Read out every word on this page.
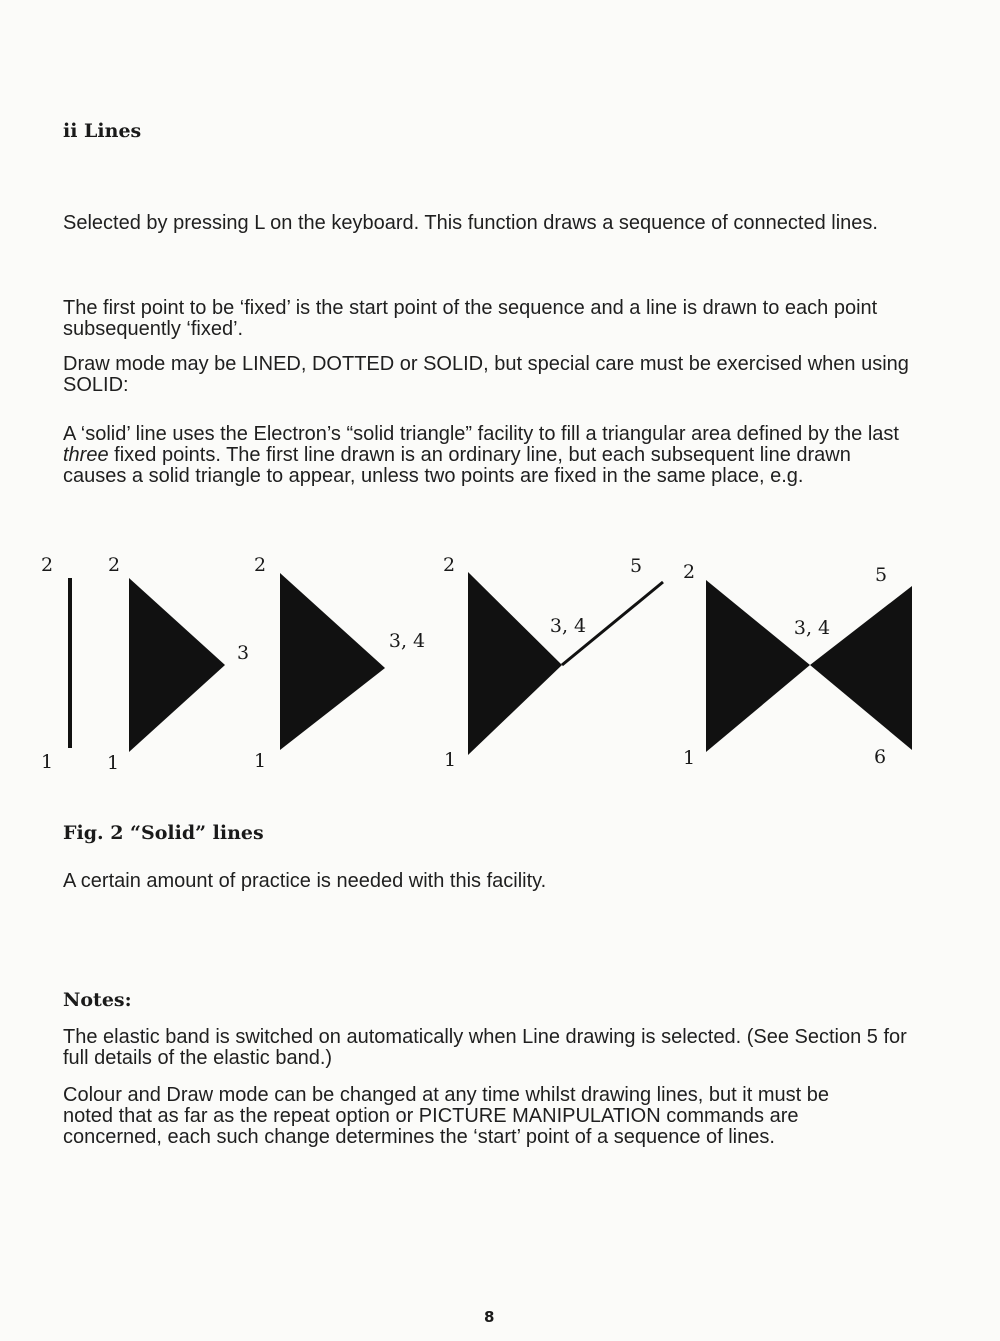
ii Lines
Selected by pressing L on the keyboard. This function draws a sequence of connected lines.
The first point to be ‘fixed’ is the start point of the sequence and a line is drawn to each point subsequently ‘fixed’.
Draw mode may be LINED, DOTTED or SOLID, but special care must be exercised when using SOLID:
A ‘solid’ line uses the Electron’s “solid triangle” facility to fill a triangular area defined by the last three fixed points. The first line drawn is an ordinary line, but each subsequent line drawn causes a solid triangle to appear, unless two points are fixed in the same place, e.g.
2
1
2
3
1
2
3, 4
1
2
3, 4
5
1
2
3, 4
5
1	6
Fig. 2 “Solid” lines
A certain amount of practice is needed with this facility.
Notes:
The elastic band is switched on automatically when Line drawing is selected. (See Section 5 for full details of the elastic band.)
Colour and Draw mode can be changed at any time whilst drawing lines, but it must be noted that as far as the repeat option or PICTURE MANIPULATION commands are concerned, each such change determines the ‘start’ point of a sequence of lines.
8
